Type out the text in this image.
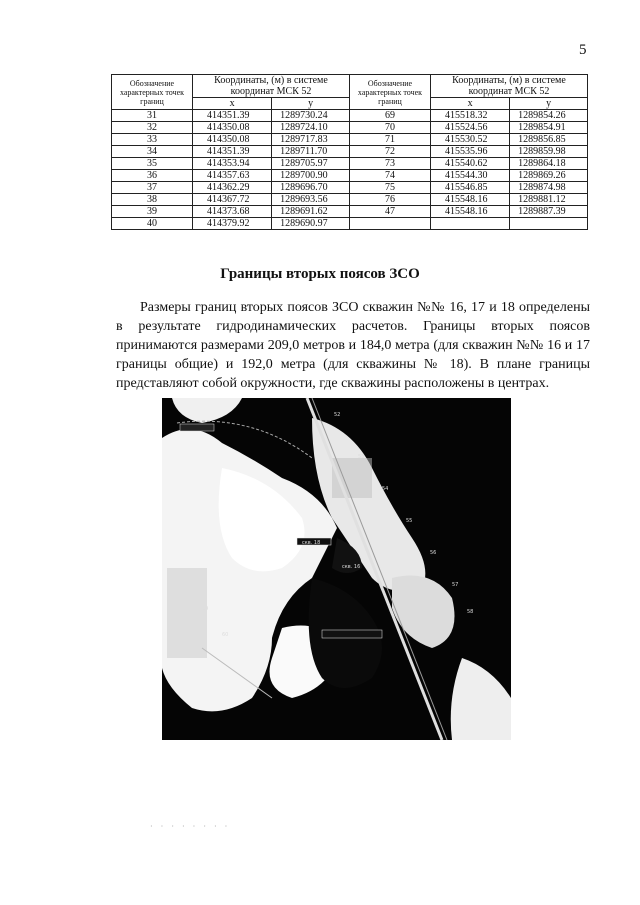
5
Обозначение характерных точек границ	Координаты, (м) в системе координат МСК 52		Обозначение характерных точек границ	Координаты, (м) в системе координат МСК 52	
	x	y		x	y
31	414351.39	1289730.24	69	415518.32	1289854.26
32	414350.08	1289724.10	70	415524.56	1289854.91
33	414350.08	1289717.83	71	415530.52	1289856.85
34	414351.39	1289711.70	72	415535.96	1289859.98
35	414353.94	1289705.97	73	415540.62	1289864.18
36	414357.63	1289700.90	74	415544.30	1289869.26
37	414362.29	1289696.70	75	415546.85	1289874.98
38	414367.72	1289693.56	76	415548.16	1289881.12
39	414373.68	1289691.62	47	415548.16	1289887.39
40	414379.92	1289690.97			
Границы вторых поясов ЗСО

Размеры границ вторых поясов ЗСО скважин №№ 16, 17 и 18 определены в результате гидродинамических расчетов. Границы вторых поясов принимаются размерами 209,0 метров и 184,0 метра (для скважин №№ 16 и 17 границы общие) и 192,0 метра (для скважины № 18). В плане границы представляют собой окружности, где скважины расположены в центрах.

52
53
54
55
56
57
58
59
60
скв. 16
скв. 18
· · · · · · · ·
